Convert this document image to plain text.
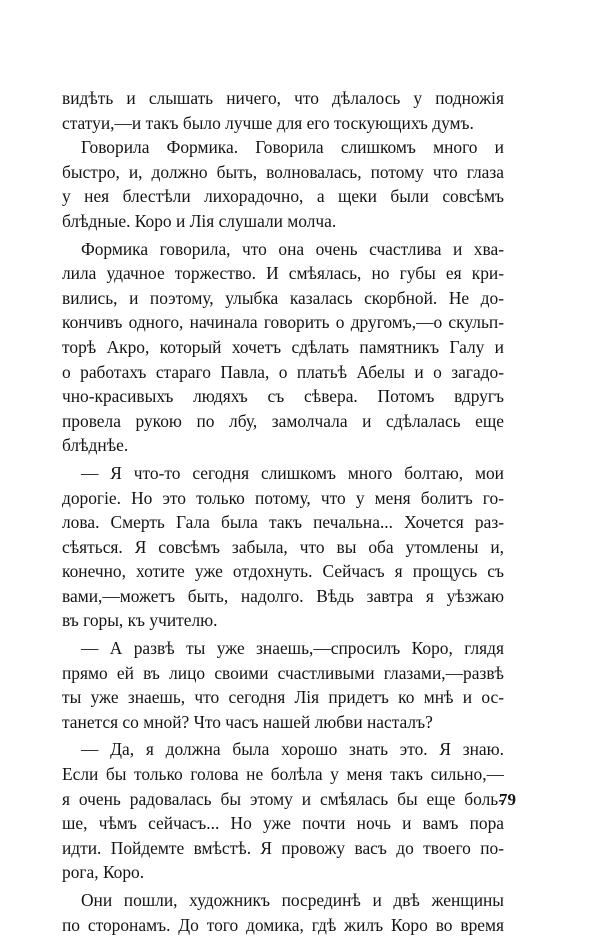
видѣть и слышать ничего, что дѣлалось у подножія
статуи,—и такъ было лучше для его тоскующихъ думъ.
Говорила Формика. Говорила слишкомъ много и
быстро, и, должно быть, волновалась, потому что глаза
у нея блестѣли лихорадочно, а щеки были совсѣмъ
блѣдные. Коро и Лія слушали молча.
Формика говорила, что она очень счастлива и хва-
лила удачное торжество. И смѣялась, но губы ея кри-
вились, и поэтому, улыбка казалась скорбной. Не до-
кончивъ одного, начинала говорить о другомъ,—о скульп-
торѣ Акро, который хочетъ сдѣлать памятникъ Галу и
о работахъ стараго Павла, о платьѣ Абелы и о загадо-
чно-красивыхъ людяхъ съ сѣвера. Потомъ вдругъ
провела рукою по лбу, замолчала и сдѣлалась еще
блѣднѣе.
— Я что-то сегодня слишкомъ много болтаю, мои
дорогіе. Но это только потому, что у меня болитъ го-
лова. Смерть Гала была такъ печальна... Хочется раз-
сѣяться. Я совсѣмъ забыла, что вы оба утомлены и,
конечно, хотите уже отдохнуть. Сейчасъ я прощусь съ
вами,—можетъ быть, надолго. Вѣдь завтра я уѣзжаю
въ горы, къ учителю.
— А развѣ ты уже знаешь,—спросилъ Коро, глядя
прямо ей въ лицо своими счастливыми глазами,—развѣ
ты уже знаешь, что сегодня Лія придетъ ко мнѣ и ос-
танется со мной? Что часъ нашей любви насталъ?
— Да, я должна была хорошо знать это. Я знаю.
Если бы только голова не болѣла у меня такъ сильно,—
я очень радовалась бы этому и смѣялась бы еще боль-
ше, чѣмъ сейчасъ... Но уже почти ночь и вамъ пора
идти. Пойдемте вмѣстѣ. Я провожу васъ до твоего по-
рога, Коро.
Они пошли, художникъ посрединѣ и двѣ женщины
по сторонамъ. До того домика, гдѣ жилъ Коро во время
79
